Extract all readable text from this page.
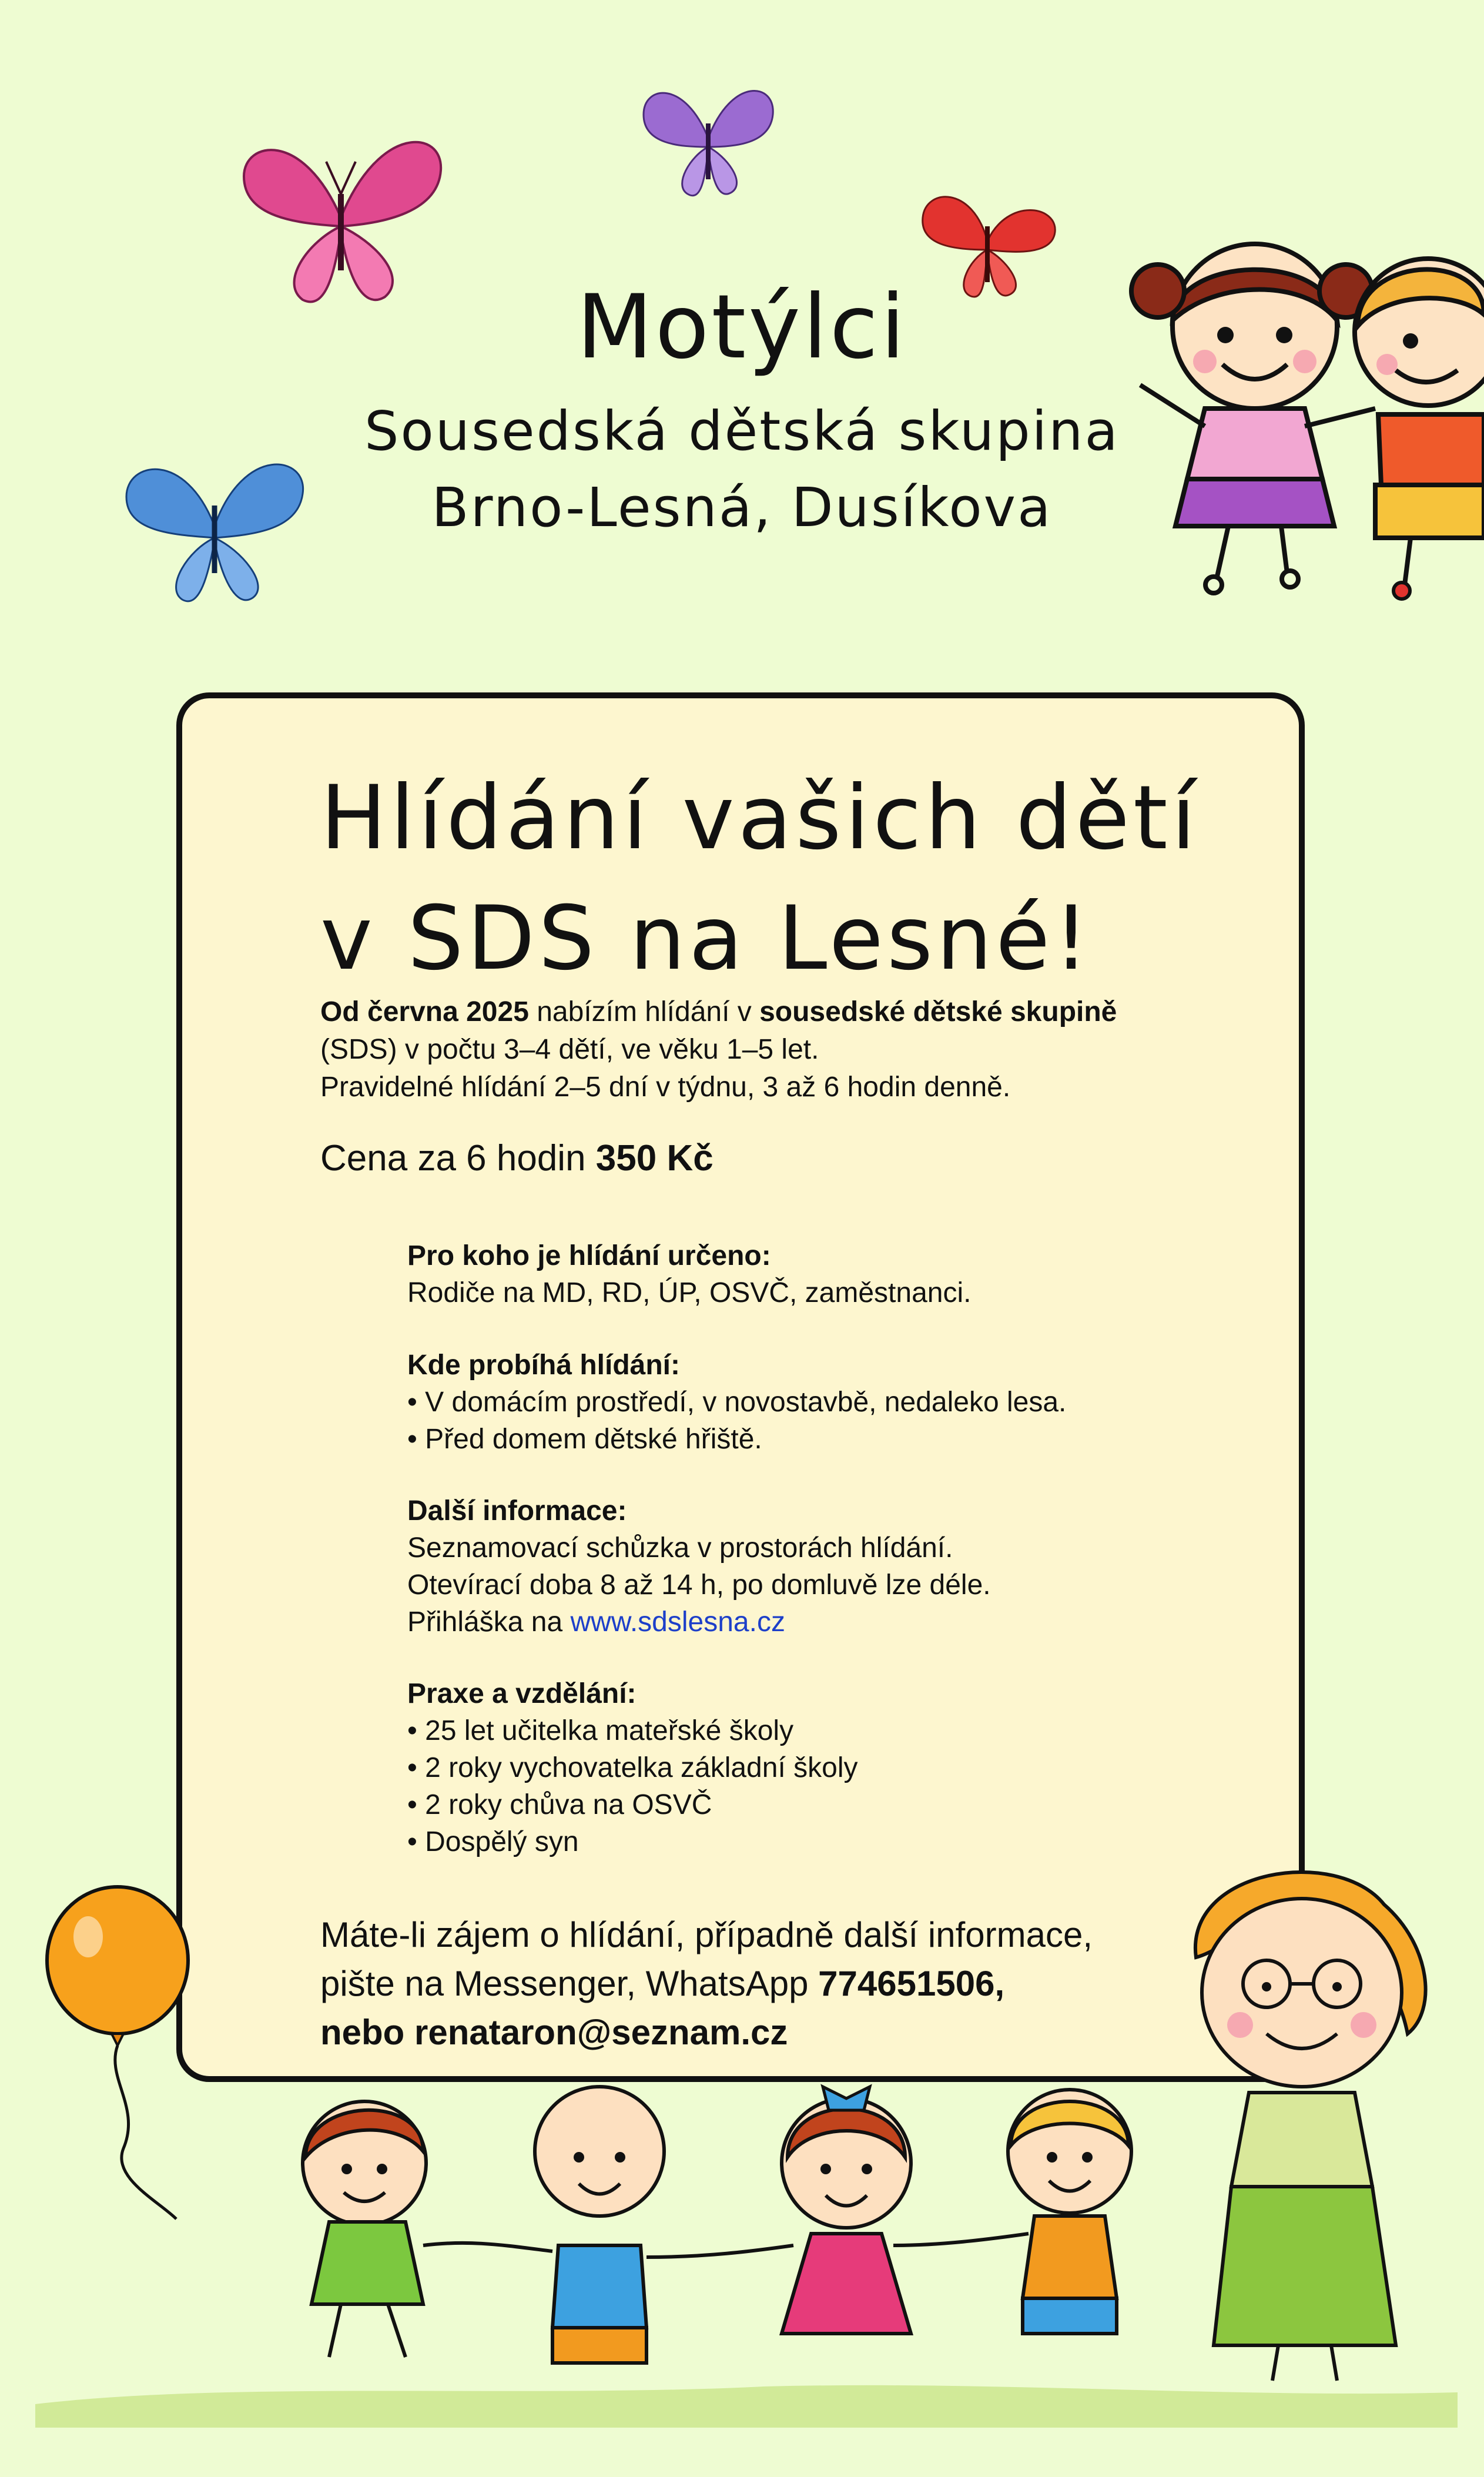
Motýlci
Sousedská dětská skupina
Brno-Lesná, Dusíkova
Hlídání vašich dětí
v SDS na Lesné!
Od června 2025 nabízím hlídání v sousedské dětské skupině
(SDS) v počtu 3–4 dětí, ve věku 1–5 let.
Pravidelné hlídání 2–5 dní v týdnu, 3 až 6 hodin denně.
Cena za 6 hodin 350 Kč
Pro koho je hlídání určeno:
Rodiče na MD, RD, ÚP, OSVČ, zaměstnanci.
Kde probíhá hlídání:
• V domácím prostředí, v novostavbě, nedaleko lesa.
• Před domem dětské hřiště.
Další informace:
Seznamovací schůzka v prostorách hlídání.
Otevírací doba 8 až 14 h, po domluvě lze déle.
Přihláška na www.sdslesna.cz
Praxe a vzdělání:
• 25 let učitelka mateřské školy
• 2 roky vychovatelka základní školy
• 2 roky chůva na OSVČ
• Dospělý syn
Máte-li zájem o hlídání, případně další informace,
pište na Messenger, WhatsApp 774651506,
nebo renataron@seznam.cz
